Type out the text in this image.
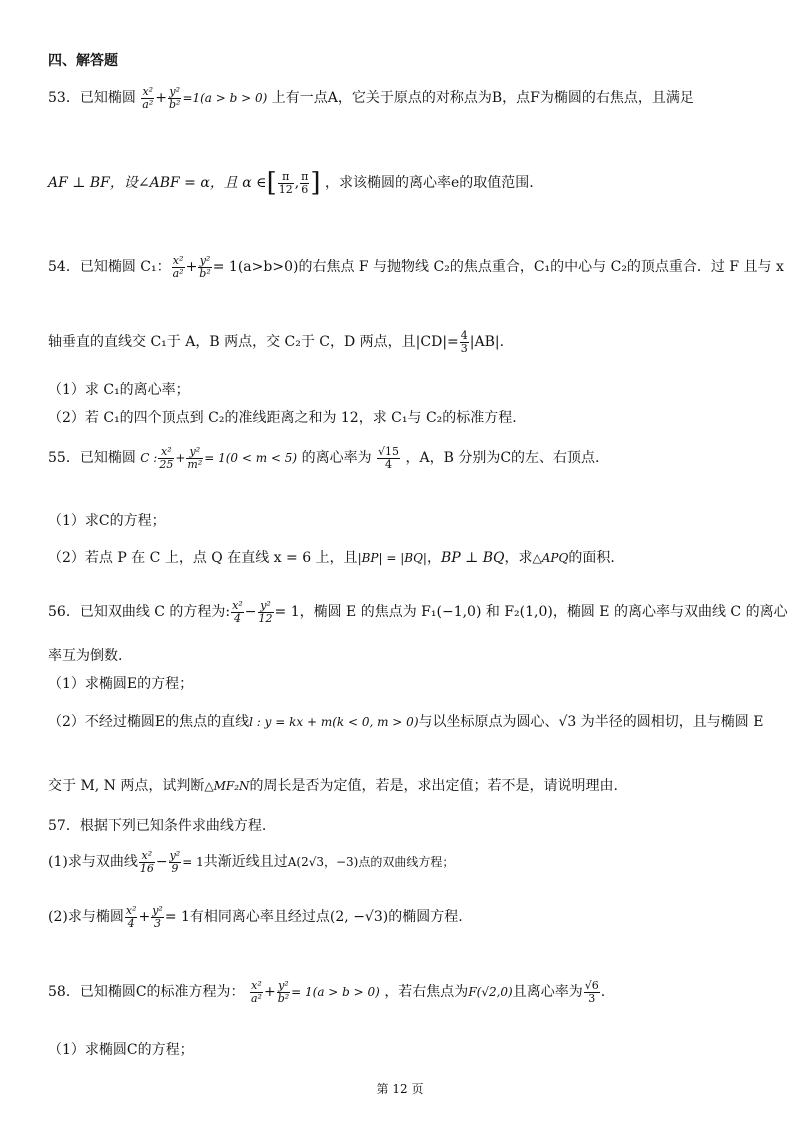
四、解答题
53．已知椭圆 $\frac{\text{x²}}{\text{a²}} + \frac{\text{y²}}{\text{b²}} =1(a > b > 0)$ 上有一点A，它关于原点的对称点为B，点F为椭圆的右焦点，且满足
AF ⊥ BF，设∠ABF = α，且 α ∈[ $\frac{\pi}{12}$ , $\frac{\pi}{6}$ ] ，求该椭圆的离心率e的取值范围.
54．已知椭圆 C₁： $\frac{\text{x²}}{\text{a²}} + \frac{\text{y²}}{\text{b²}} = 1(a>b>0)$的右焦点 F 与抛物线 C₂的焦点重合，C₁的中心与 C₂的顶点重合．过 F 且与 x
轴垂直的直线交 C₁于 A，B 两点，交 C₂于 C，D 两点，且$|CD|= \frac{4}{3} |AB|$.
（1）求 C₁的离心率；
（2）若 C₁的四个顶点到 C₂的准线距离之和为 12，求 C₁与 C₂的标准方程.
55．已知椭圆 C : $\frac{\text{x²}}{25} + \frac{\text{y²}}{\text{m²}} = 1(0 < m < 5)$ 的离心率为 $\frac{√15}{4}$ ，A，B 分别为C的左、右顶点.
（1）求C的方程；
（2）若点 P 在 C 上，点 Q 在直线 x = 6 上，且|BP| = |BQ|，BP ⊥ BQ，求△APQ的面积.
56．已知双曲线 C 的方程为: $\frac{\text{x²}}{4} - \frac{\text{y²}}{12} = 1$，椭圆 E 的焦点为 F₁(−1,0) 和 F₂(1,0)，椭圆 E 的离心率与双曲线 C 的离心
率互为倒数.
（1）求椭圆E的方程；
（2）不经过椭圆E的焦点的直线l : y = kx + m(k < 0, m > 0)与以坐标原点为圆心、√3 为半径的圆相切，且与椭圆 E
交于 M, N 两点，试判断△MF₂N的周长是否为定值，若是，求出定值；若不是，请说明理由.
57．根据下列已知条件求曲线方程.
(1)求与双曲线 $\frac{\text{x²}}{16} - \frac{\text{y²}}{9} = 1$共渐近线且过A(2√3，−3)点的双曲线方程；
(2)求与椭圆 $\frac{\text{x²}}{4} + \frac{\text{y²}}{3} = 1$有相同离心率且经过点(2, −√3)的椭圆方程.
58．已知椭圆C的标准方程为： $\frac{\text{x²}}{\text{a²}} + \frac{\text{y²}}{\text{b²}} = 1(a > b > 0)$ ，若右焦点为F(√2,0)且离心率为 $\frac{√6}{3}$ .
（1）求椭圆C的方程；
第 12 页
